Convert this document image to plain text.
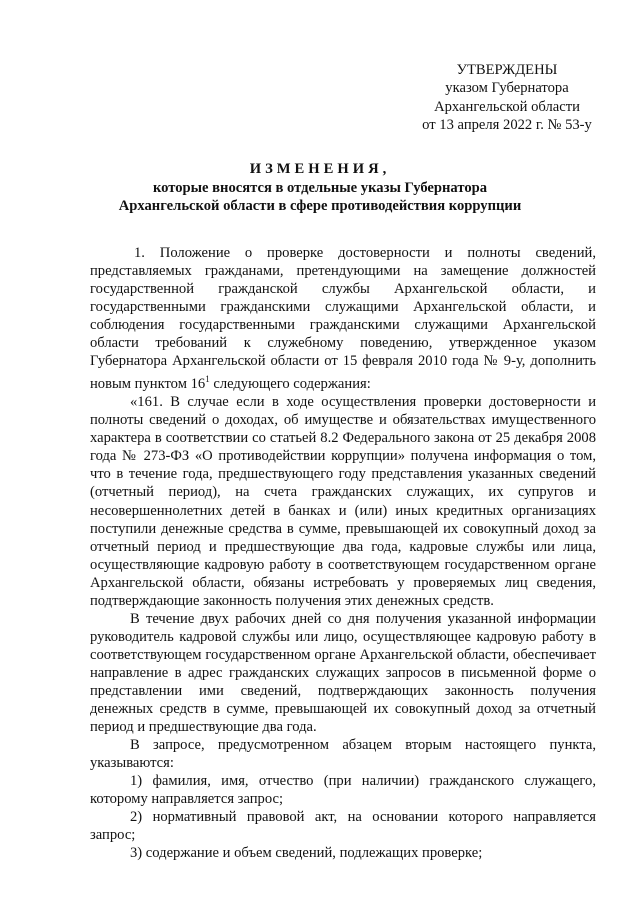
УТВЕРЖДЕНЫ
указом Губернатора
Архангельской области
от 13 апреля 2022 г. № 53-у
ИЗМЕНЕНИЯ,
которые вносятся в отдельные указы Губернатора
Архангельской области в сфере противодействия коррупции

1. Положение о проверке достоверности и полноты сведений, представляемых гражданами, претендующими на замещение должностей государственной гражданской службы Архангельской области, и государственными гражданскими служащими Архангельской области, и соблюдения государственными гражданскими служащими Архангельской области требований к служебному поведению, утвержденное указом Губернатора Архангельской области от 15 февраля 2010 года № 9-у, дополнить новым пунктом $16^1$ следующего содержания:

«161. В случае если в ходе осуществления проверки достоверности и полноты сведений о доходах, об имуществе и обязательствах имущественного характера в соответствии со статьей 8.2 Федерального закона от 25 декабря 2008 года № 273-ФЗ «О противодействии коррупции» получена информация о том, что в течение года, предшествующего году представления указанных сведений (отчетный период), на счета гражданских служащих, их супругов и несовершеннолетних детей в банках и (или) иных кредитных организациях поступили денежные средства в сумме, превышающей их совокупный доход за отчетный период и предшествующие два года, кадровые службы или лица, осуществляющие кадровую работу в соответствующем государственном органе Архангельской области, обязаны истребовать у проверяемых лиц сведения, подтверждающие законность получения этих денежных средств.

В течение двух рабочих дней со дня получения указанной информации руководитель кадровой службы или лицо, осуществляющее кадровую работу в соответствующем государственном органе Архангельской области, обеспечивает направление в адрес гражданских служащих запросов в письменной форме о представлении ими сведений, подтверждающих законность получения денежных средств в сумме, превышающей их совокупный доход за отчетный период и предшествующие два года.

В запросе, предусмотренном абзацем вторым настоящего пункта, указываются:

1) фамилия, имя, отчество (при наличии) гражданского служащего, которому направляется запрос;

2) нормативный правовой акт, на основании которого направляется запрос;

3) содержание и объем сведений, подлежащих проверке;
